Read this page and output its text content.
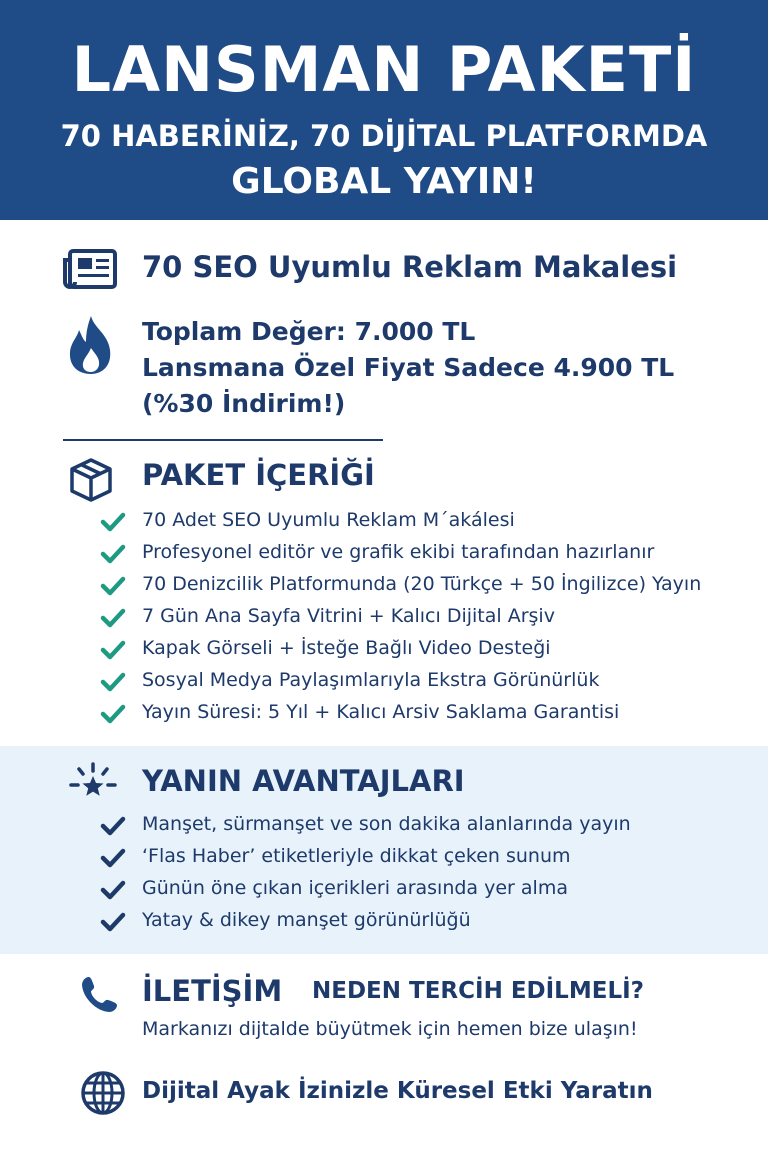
LANSMAN PAKETİ
70 HABERİNİZ, 70 DİJİTAL PLATFORMDA
GLOBAL YAYIN!
70 SEO Uyumlu Reklam Makalesi
Toplam Değer: 7.000 TL
Lansmana Özel Fiyat Sadece 4.900 TL
(%30 İndirim!)
PAKET İÇERİĞİ
70 Adet SEO Uyumlu Reklam M´akálesi
Profesyonel editör ve grafik ekibi tarafından hazırlanır
70 Denizcilik Platformunda (20 Türkçe + 50 İngilizce) Yayın
7 Gün Ana Sayfa Vitrini + Kalıcı Dijital Arşiv
Kapak Görseli + İsteğe Bağlı Video Desteği
Sosyal Medya Paylaşımlarıyla Ekstra Görünürlük
Yayın Süresi: 5 Yıl + Kalıcı Arsiv Saklama Garantisi
YANIN AVANTAJLARI
Manşet, sürmanşet ve son dakika alanlarında yayın
‘Flas Haber’ etiketleriyle dikkat çeken sunum
Günün öne çıkan içerikleri arasında yer alma
Yatay & dikey manşet görünürlüğü
İLETİŞİM NEDEN TERCİH EDİLMELİ?
Markanızı dijtalde büyütmek için hemen bize ulaşın!
Dijital Ayak İzinizle Küresel Etki Yaratın
